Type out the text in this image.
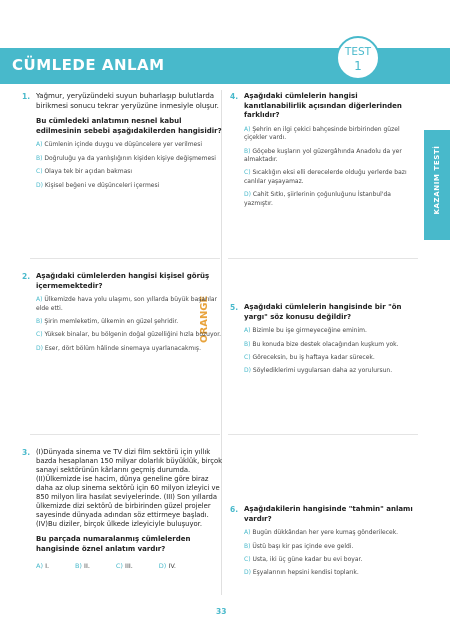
CÜMLEDE ANLAM
TEST
1
KAZANIM TESTİ
ORANGE
1. Yağmur, yeryüzündeki suyun buharlaşıp bulutlarda birikmesi sonucu tekrar yeryüzüne inmesiyle oluşur.
Bu cümledeki anlatımın nesnel kabul edilmesinin sebebi aşağıdakilerden hangisidir?
A) Cümlenin içinde duygu ve düşüncelere yer verilmesi
B) Doğruluğu ya da yanlışlığının kişiden kişiye değişmemesi
C) Olaya tek bir açıdan bakması
D) Kişisel beğeni ve düşünceleri içermesi
2. Aşağıdaki cümlelerden hangisi kişisel görüş içermemektedir?
A) Ülkemizde hava yolu ulaşımı, son yıllarda büyük başarılar elde etti.
B) Şirin memleketim, ülkemin en güzel şehridir.
C) Yüksek binalar, bu bölgenin doğal güzelliğini hızla bozuyor.
D) Eser, dört bölüm hâlinde sinemaya uyarlanacakmış.
3. (I)Dünyada sinema ve TV dizi film sektörü için yıllık bazda hesaplanan 150 milyar dolarlık büyüklük, birçok sanayi sektörünün kârlarını geçmiş durumda. (II)Ülkemizde ise hacim, dünya geneline göre biraz daha az olup sinema sektörü için 60 milyon izleyici ve 850 milyon lira hasılat seviyelerinde. (III) Son yıllarda ülkemizde dizi sektörü de birbirinden güzel projeler sayesinde dünyada adından söz ettirmeye başladı. (IV)Bu diziler, birçok ülkede izleyiciyle buluşuyor.
Bu parçada numaralanmış cümlelerden hangisinde öznel anlatım vardır?
A) I.	B) II.	C) III.	D) IV.
4. Aşağıdaki cümlelerin hangisi kanıtlanabilirlik açısından diğerlerinden farklıdır?
A) Şehrin en ilgi çekici bahçesinde birbirinden güzel çiçekler vardı.
B) Göçebe kuşların yol güzergâhında Anadolu da yer almaktadır.
C) Sıcaklığın eksi elli derecelerde olduğu yerlerde bazı canlılar yaşayamaz.
D) Cahit Sıtkı, şiirlerinin çoğunluğunu İstanbul'da yazmıştır.
5. Aşağıdaki cümlelerin hangisinde bir "ön yargı" söz konusu değildir?
A) Bizimle bu işe girmeyeceğine eminim.
B) Bu konuda bize destek olacağından kuşkum yok.
C) Göreceksin, bu iş haftaya kadar sürecek.
D) Söylediklerimi uygularsan daha az yorulursun.
6. Aşağıdakilerin hangisinde "tahmin" anlamı vardır?
A) Bugün dükkândan her yere kumaş gönderilecek.
B) Üstü başı kir pas içinde eve geldi.
C) Usta, iki üç güne kadar bu evi boyar.
D) Eşyalarının hepsini kendisi toplarık.
33
